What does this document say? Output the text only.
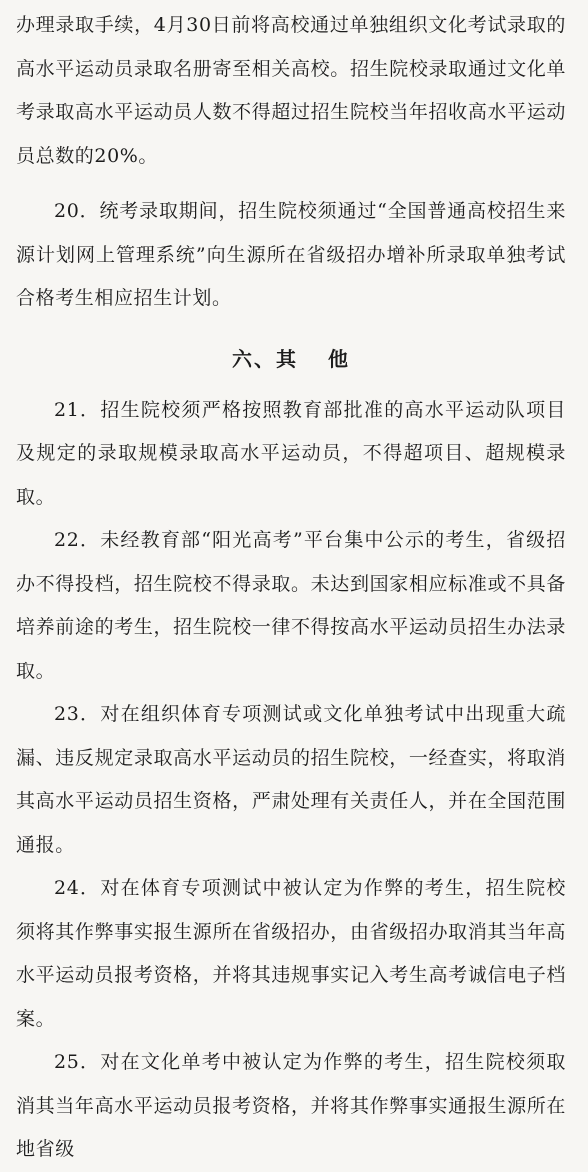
办理录取手续，4月30日前将高校通过单独组织文化考试录取的高水平运动员录取名册寄至相关高校。招生院校录取通过文化单考录取高水平运动员人数不得超过招生院校当年招收高水平运动员总数的20%。

20．统考录取期间，招生院校须通过“全国普通高校招生来源计划网上管理系统”向生源所在省级招办增补所录取单独考试合格考生相应招生计划。

六、其 他

21．招生院校须严格按照教育部批准的高水平运动队项目及规定的录取规模录取高水平运动员，不得超项目、超规模录取。

22．未经教育部“阳光高考”平台集中公示的考生，省级招办不得投档，招生院校不得录取。未达到国家相应标准或不具备培养前途的考生，招生院校一律不得按高水平运动员招生办法录取。

23．对在组织体育专项测试或文化单独考试中出现重大疏漏、违反规定录取高水平运动员的招生院校，一经查实，将取消其高水平运动员招生资格，严肃处理有关责任人，并在全国范围通报。

24．对在体育专项测试中被认定为作弊的考生，招生院校须将其作弊事实报生源所在省级招办，由省级招办取消其当年高水平运动员报考资格，并将其违规事实记入考生高考诚信电子档案。

25．对在文化单考中被认定为作弊的考生，招生院校须取消其当年高水平运动员报考资格，并将其作弊事实通报生源所在地省级
